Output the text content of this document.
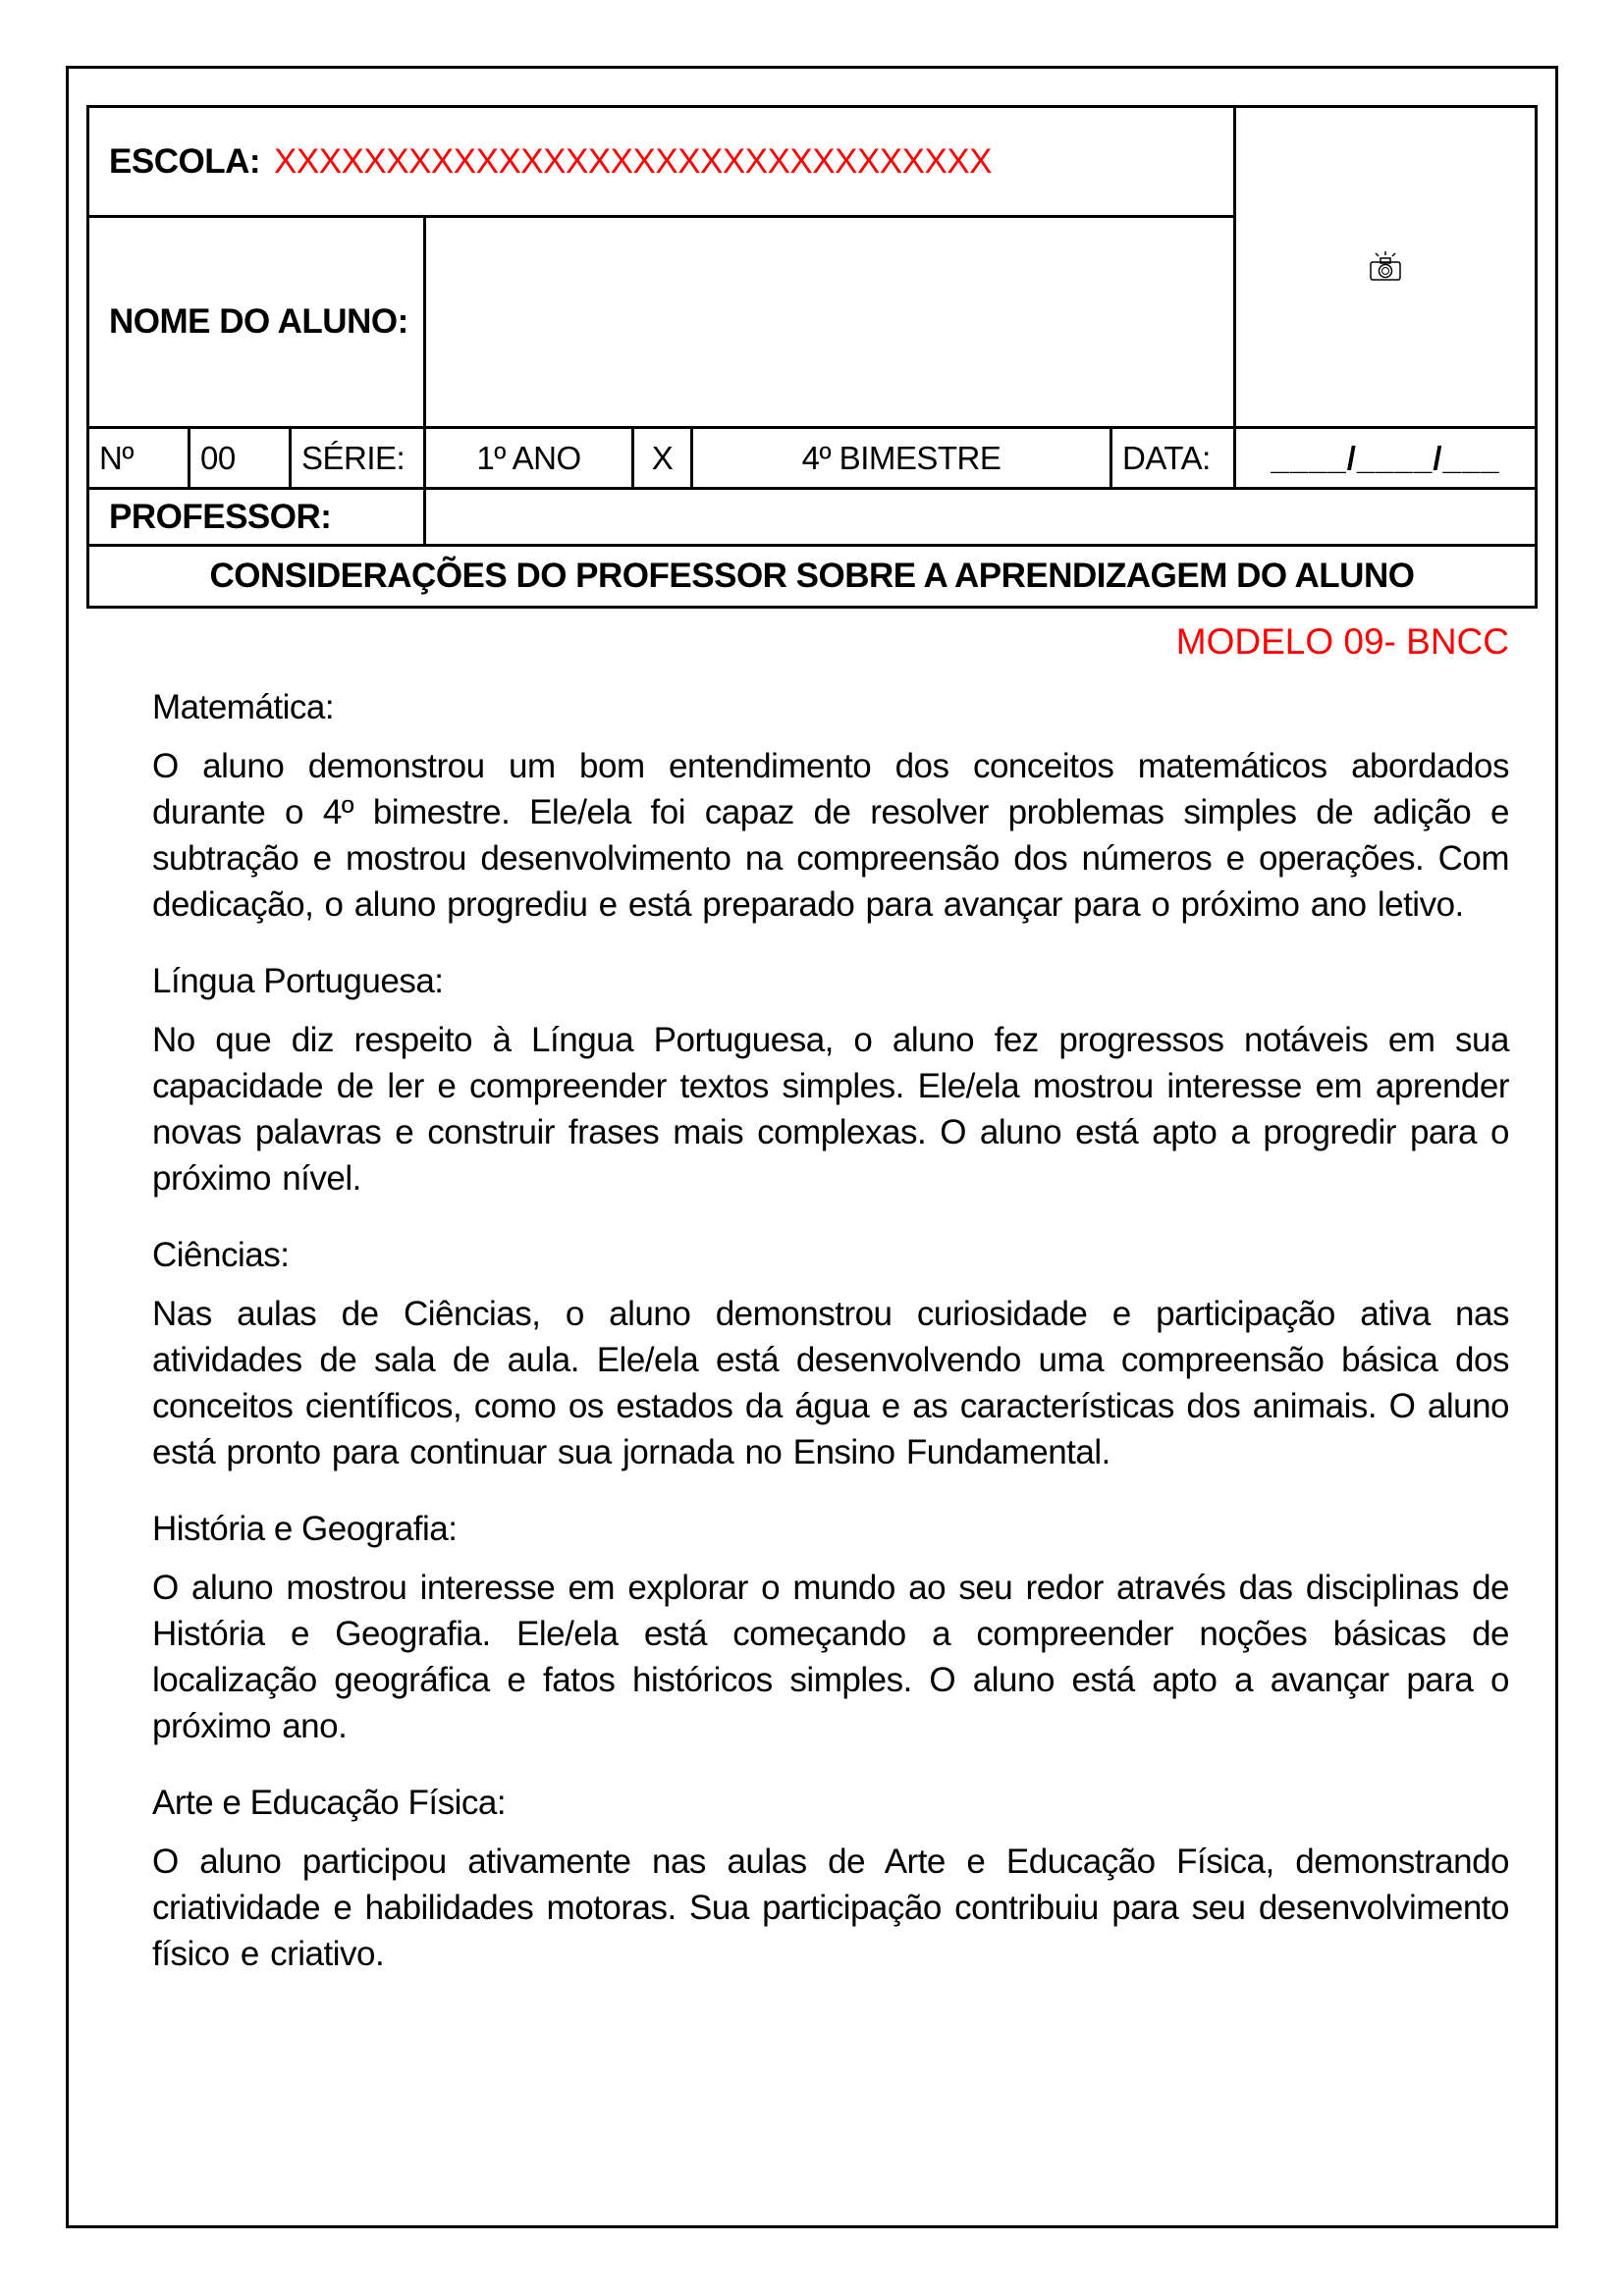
ESCOLA: XXXXXXXXXXXXXXXXXXXXXXXXXXXXXXXX
NOME DO ALUNO:
Nº 00 SÉRIE: 1º ANO X	4º BIMESTRE	DATA: ____/____/___
PROFESSOR:
CONSIDERAÇÕES DO PROFESSOR SOBRE A APRENDIZAGEM DO ALUNO
MODELO 09- BNCC
Matemática:
O aluno demonstrou um bom entendimento dos conceitos matemáticos abordados durante o 4º bimestre. Ele/ela foi capaz de resolver problemas simples de adição e subtração e mostrou desenvolvimento na compreensão dos números e operações. Com dedicação, o aluno progrediu e está preparado para avançar para o próximo ano letivo.
Língua Portuguesa:
No que diz respeito à Língua Portuguesa, o aluno fez progressos notáveis em sua capacidade de ler e compreender textos simples. Ele/ela mostrou interesse em aprender novas palavras e construir frases mais complexas. O aluno está apto a progredir para o próximo nível.
Ciências:
Nas aulas de Ciências, o aluno demonstrou curiosidade e participação ativa nas atividades de sala de aula. Ele/ela está desenvolvendo uma compreensão básica dos conceitos científicos, como os estados da água e as características dos animais. O aluno está pronto para continuar sua jornada no Ensino Fundamental.
História e Geografia:
O aluno mostrou interesse em explorar o mundo ao seu redor através das disciplinas de História e Geografia. Ele/ela está começando a compreender noções básicas de localização geográfica e fatos históricos simples. O aluno está apto a avançar para o próximo ano.
Arte e Educação Física:
O aluno participou ativamente nas aulas de Arte e Educação Física, demonstrando criatividade e habilidades motoras. Sua participação contribuiu para seu desenvolvimento físico e criativo.
